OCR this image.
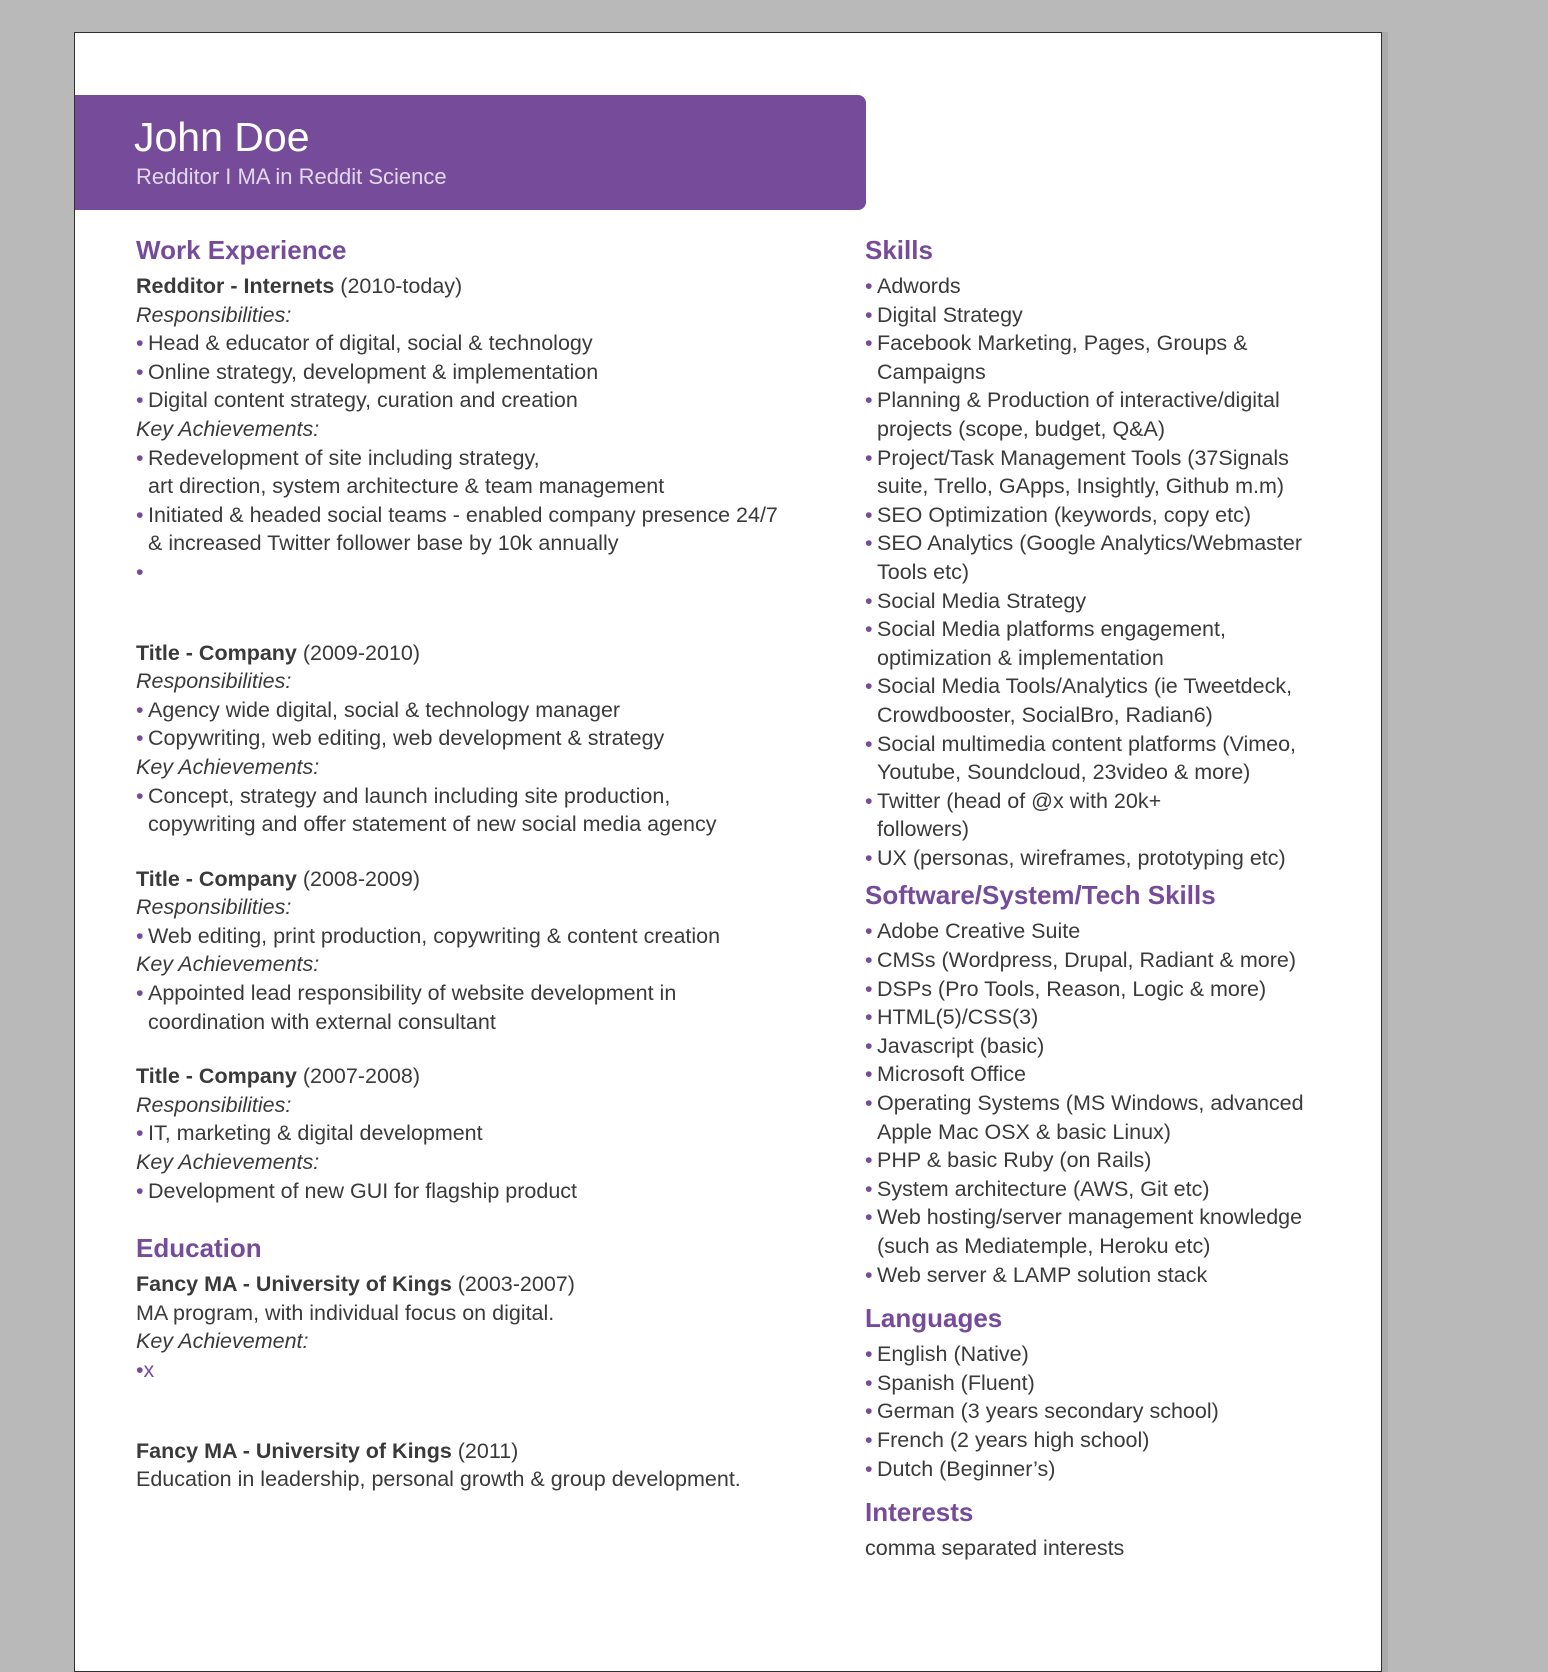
John Doe
Redditor I MA in Reddit Science
Work Experience
Redditor - Internets (2010-today)
Responsibilities:
• Head & educator of digital, social & technology
• Online strategy, development & implementation
• Digital content strategy, curation and creation
Key Achievements:
• Redevelopment of site including strategy,
art direction, system architecture & team management
• Initiated & headed social teams - enabled company presence 24/7
& increased Twitter follower base by 10k annually
•
Title - Company (2009-2010)
Responsibilities:
• Agency wide digital, social & technology manager
• Copywriting, web editing, web development & strategy
Key Achievements:
• Concept, strategy and launch including site production,
copywriting and offer statement of new social media agency
Title - Company (2008-2009)
Responsibilities:
• Web editing, print production, copywriting & content creation
Key Achievements:
• Appointed lead responsibility of website development in
coordination with external consultant
Title - Company (2007-2008)
Responsibilities:
• IT, marketing & digital development
Key Achievements:
• Development of new GUI for flagship product
Education
Fancy MA - University of Kings (2003-2007)
MA program, with individual focus on digital.
Key Achievement:
•x
Fancy MA - University of Kings (2011)
Education in leadership, personal growth & group development.
Skills
• Adwords
• Digital Strategy
• Facebook Marketing, Pages, Groups &
Campaigns
• Planning & Production of interactive/digital
projects (scope, budget, Q&A)
• Project/Task Management Tools (37Signals
suite, Trello, GApps, Insightly, Github m.m)
• SEO Optimization (keywords, copy etc)
• SEO Analytics (Google Analytics/Webmaster
Tools etc)
• Social Media Strategy
• Social Media platforms engagement,
optimization & implementation
• Social Media Tools/Analytics (ie Tweetdeck,
Crowdbooster, SocialBro, Radian6)
• Social multimedia content platforms (Vimeo,
Youtube, Soundcloud, 23video & more)
• Twitter (head of @x with 20k+
followers)
• UX (personas, wireframes, prototyping etc)
Software/System/Tech Skills
• Adobe Creative Suite
• CMSs (Wordpress, Drupal, Radiant & more)
• DSPs (Pro Tools, Reason, Logic & more)
• HTML(5)/CSS(3)
• Javascript (basic)
• Microsoft Office
• Operating Systems (MS Windows, advanced
Apple Mac OSX & basic Linux)
• PHP & basic Ruby (on Rails)
• System architecture (AWS, Git etc)
• Web hosting/server management knowledge
(such as Mediatemple, Heroku etc)
• Web server & LAMP solution stack
Languages
• English (Native)
• Spanish (Fluent)
• German (3 years secondary school)
• French (2 years high school)
• Dutch (Beginner’s)
Interests
comma separated interests
